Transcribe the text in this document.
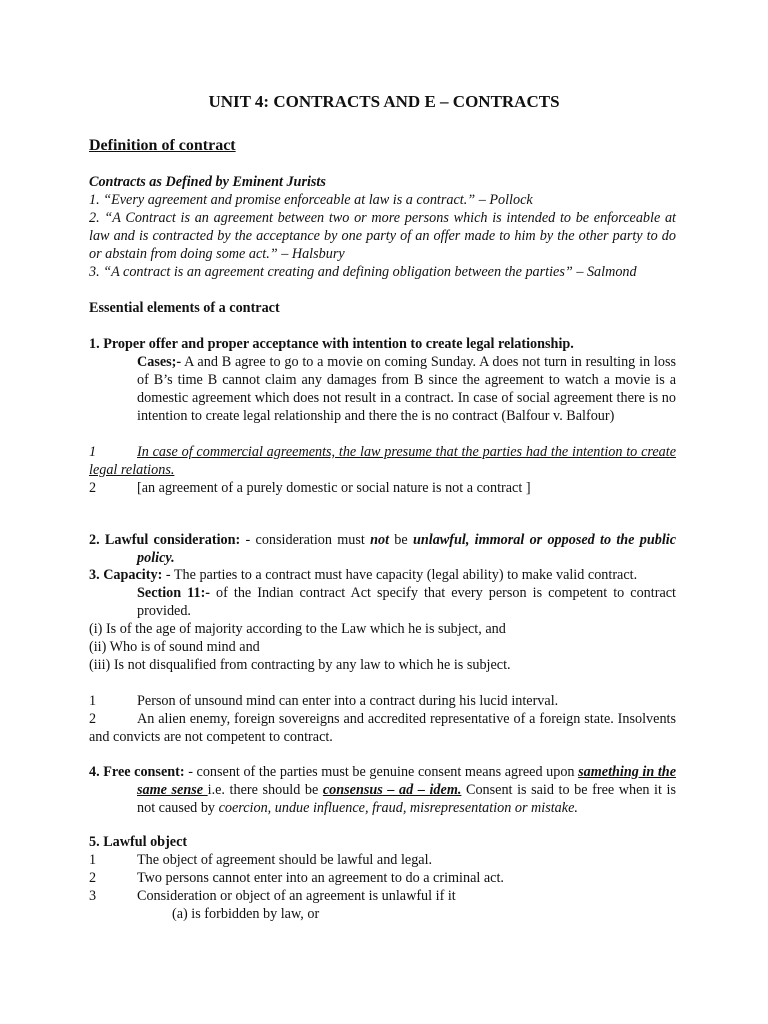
UNIT 4: CONTRACTS AND E – CONTRACTS
Definition of contract

Contracts as Defined by Eminent Jurists

1. “Every agreement and promise enforceable at law is a contract.” – Pollock

2. “A Contract is an agreement between two or more persons which is intended to be enforceable at law and is contracted by the acceptance by one party of an offer made to him by the other party to do or abstain from doing some act.” – Halsbury

3. “A contract is an agreement creating and defining obligation between the parties” – Salmond

Essential elements of a contract

1. Proper offer and proper acceptance with intention to create legal relationship.

Cases;- A and B agree to go to a movie on coming Sunday. A does not turn in resulting in loss of B’s time B cannot claim any damages from B since the agreement to watch a movie is a domestic agreement which does not result in a contract. In case of social agreement there is no intention to create legal relationship and there the is no contract (Balfour v. Balfour)

1	In case of commercial agreements, the law presume that the parties had the intention to create legal relations.

2	[an agreement of a purely domestic or social nature is not a contract ]

2. Lawful consideration: - consideration must not be unlawful, immoral or opposed to the public policy.

3. Capacity: - The parties to a contract must have capacity (legal ability) to make valid contract.

Section 11:- of the Indian contract Act specify that every person is competent to contract provided.

(i) Is of the age of majority according to the Law which he is subject, and

(ii) Who is of sound mind and

(iii) Is not disqualified from contracting by any law to which he is subject.

1	Person of unsound mind can enter into a contract during his lucid interval.

2	An alien enemy, foreign sovereigns and accredited representative of a foreign state. Insolvents and convicts are not competent to contract.

4. Free consent: - consent of the parties must be genuine consent means agreed upon samething in the same sense i.e. there should be consensus – ad – idem. Consent is said to be free when it is not caused by coercion, undue influence, fraud, misrepresentation or mistake.

5. Lawful object

1	The object of agreement should be lawful and legal.

2	Two persons cannot enter into an agreement to do a criminal act.

3	Consideration or object of an agreement is unlawful if it

(a) is forbidden by law, or
